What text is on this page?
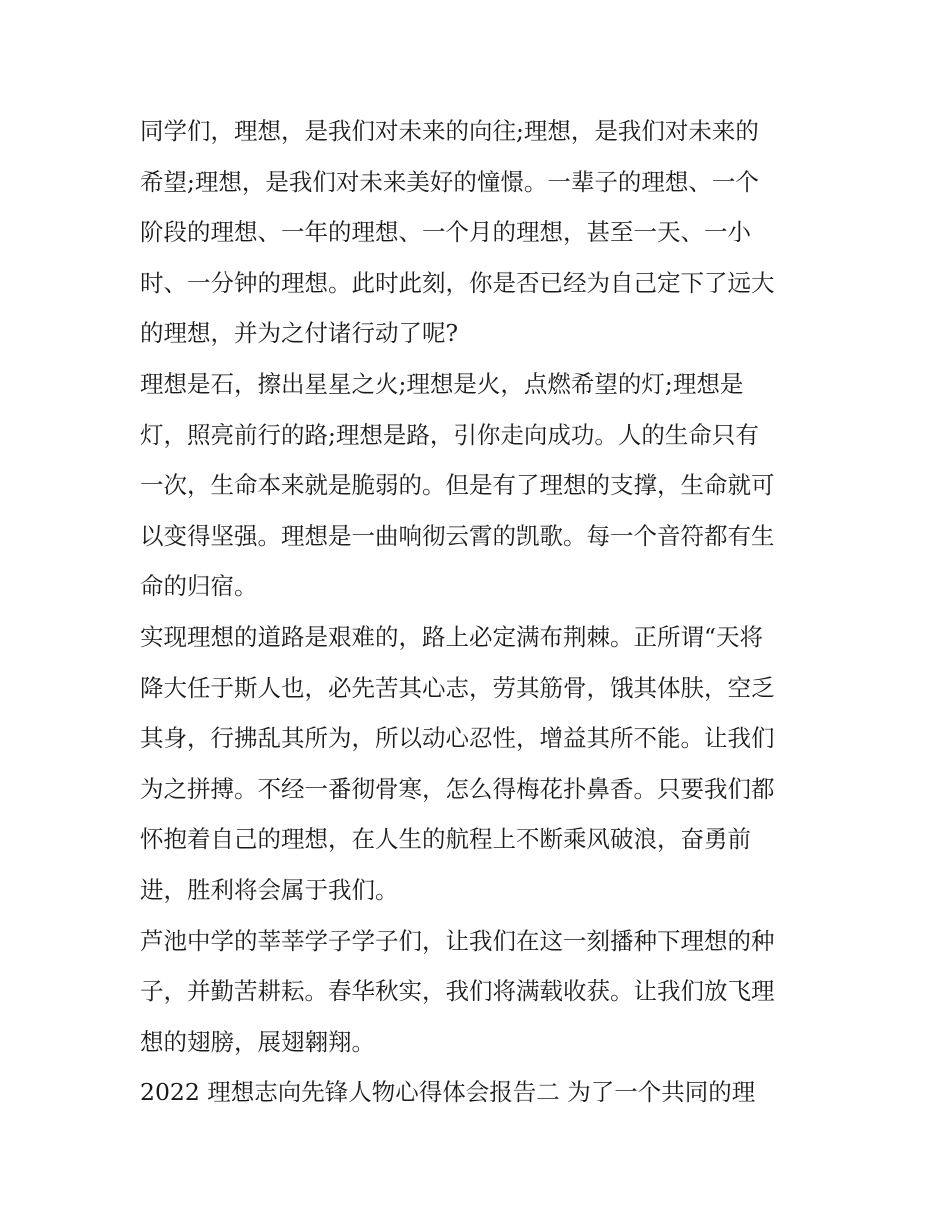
同学们，理想，是我们对未来的向往;理想，是我们对未来的
希望;理想，是我们对未来美好的憧憬。一辈子的理想、一个
阶段的理想、一年的理想、一个月的理想，甚至一天、一小
时、一分钟的理想。此时此刻，你是否已经为自己定下了远大
的理想，并为之付诸行动了呢?
理想是石，擦出星星之火;理想是火，点燃希望的灯;理想是
灯，照亮前行的路;理想是路，引你走向成功。人的生命只有
一次，生命本来就是脆弱的。但是有了理想的支撑，生命就可
以变得坚强。理想是一曲响彻云霄的凯歌。每一个音符都有生
命的归宿。
实现理想的道路是艰难的，路上必定满布荆棘。正所谓“天将
降大任于斯人也，必先苦其心志，劳其筋骨，饿其体肤，空乏
其身，行拂乱其所为，所以动心忍性，增益其所不能。让我们
为之拼搏。不经一番彻骨寒，怎么得梅花扑鼻香。只要我们都
怀抱着自己的理想，在人生的航程上不断乘风破浪，奋勇前
进，胜利将会属于我们。
芦池中学的莘莘学子学子们，让我们在这一刻播种下理想的种
子，并勤苦耕耘。春华秋实，我们将满载收获。让我们放飞理
想的翅膀，展翅翱翔。
2022 理想志向先锋人物心得体会报告二 为了一个共同的理
